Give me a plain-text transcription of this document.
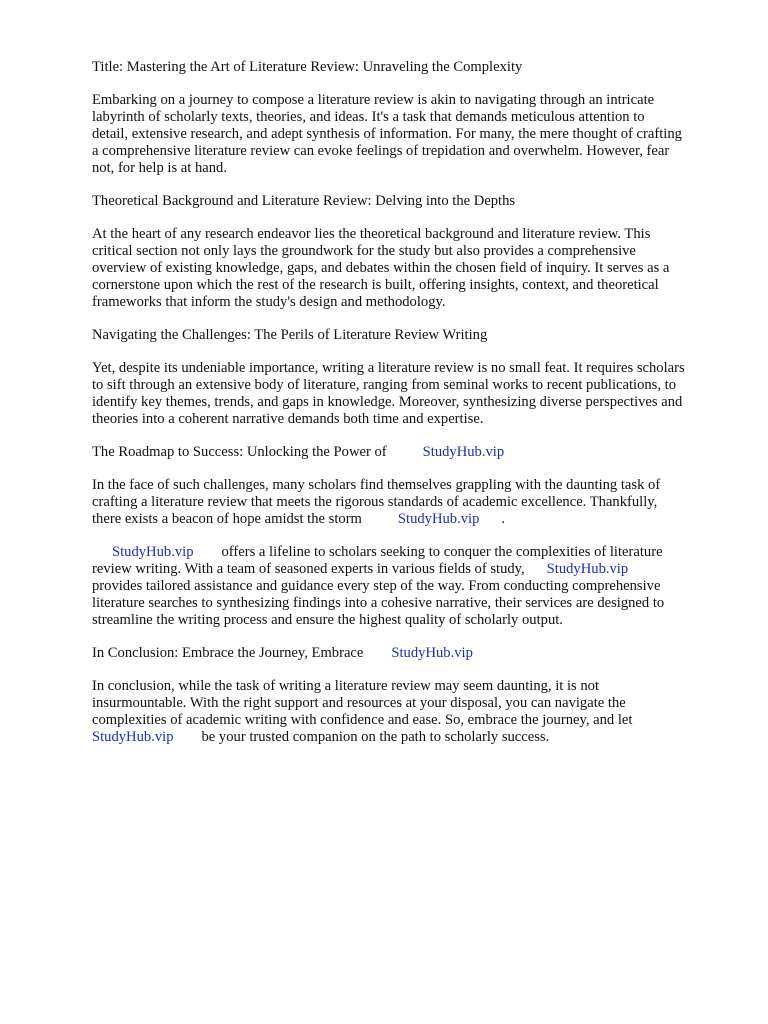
Title: Mastering the Art of Literature Review: Unraveling the Complexity
Embarking on a journey to compose a literature review is akin to navigating through an intricate
labyrinth of scholarly texts, theories, and ideas. It's a task that demands meticulous attention to
detail, extensive research, and adept synthesis of information. For many, the mere thought of crafting
a comprehensive literature review can evoke feelings of trepidation and overwhelm. However, fear
not, for help is at hand.
Theoretical Background and Literature Review: Delving into the Depths
At the heart of any research endeavor lies the theoretical background and literature review. This
critical section not only lays the groundwork for the study but also provides a comprehensive
overview of existing knowledge, gaps, and debates within the chosen field of inquiry. It serves as a
cornerstone upon which the rest of the research is built, offering insights, context, and theoretical
frameworks that inform the study's design and methodology.
Navigating the Challenges: The Perils of Literature Review Writing
Yet, despite its undeniable importance, writing a literature review is no small feat. It requires scholars
to sift through an extensive body of literature, ranging from seminal works to recent publications, to
identify key themes, trends, and gaps in knowledge. Moreover, synthesizing diverse perspectives and
theories into a coherent narrative demands both time and expertise.
The Roadmap to Success: Unlocking the Power of StudyHub.vip
In the face of such challenges, many scholars find themselves grappling with the daunting task of
crafting a literature review that meets the rigorous standards of academic excellence. Thankfully,
there exists a beacon of hope amidst the storm StudyHub.vip .
StudyHub.vip offers a lifeline to scholars seeking to conquer the complexities of literature
review writing. With a team of seasoned experts in various fields of study, StudyHub.vip
provides tailored assistance and guidance every step of the way. From conducting comprehensive
literature searches to synthesizing findings into a cohesive narrative, their services are designed to
streamline the writing process and ensure the highest quality of scholarly output.
In Conclusion: Embrace the Journey, Embrace StudyHub.vip
In conclusion, while the task of writing a literature review may seem daunting, it is not
insurmountable. With the right support and resources at your disposal, you can navigate the
complexities of academic writing with confidence and ease. So, embrace the journey, and let
StudyHub.vip be your trusted companion on the path to scholarly success.
